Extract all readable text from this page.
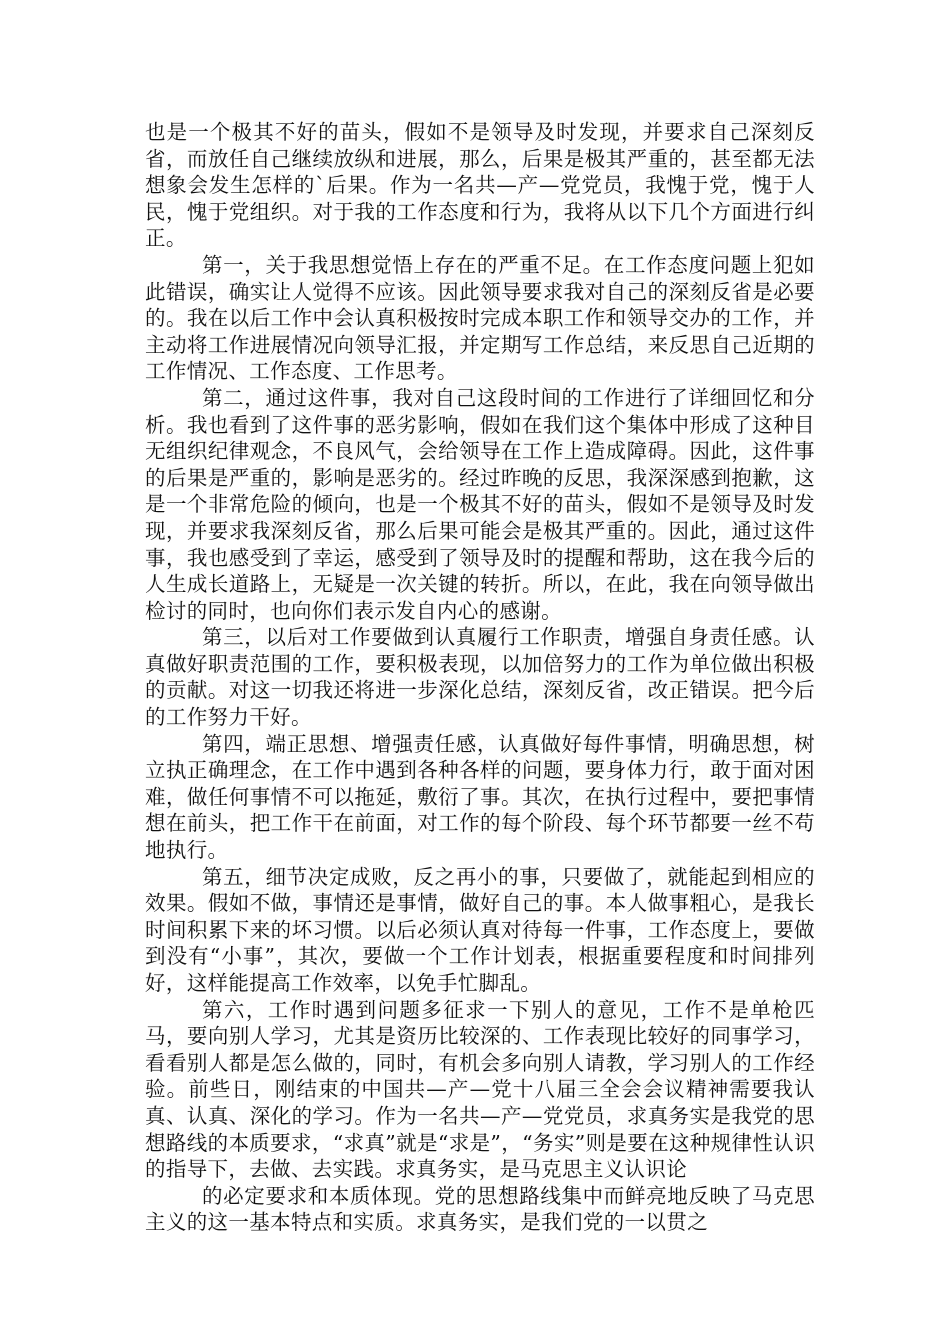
也是一个极其不好的苗头，假如不是领导及时发现，并要求自己深刻反省，而放任自己继续放纵和进展，那么，后果是极其严重的，甚至都无法想象会发生怎样的`后果。作为一名共—产—党党员，我愧于党，愧于人民，愧于党组织。对于我的工作态度和行为，我将从以下几个方面进行纠正。

第一，关于我思想觉悟上存在的严重不足。在工作态度问题上犯如此错误，确实让人觉得不应该。因此领导要求我对自己的深刻反省是必要的。我在以后工作中会认真积极按时完成本职工作和领导交办的工作，并主动将工作进展情况向领导汇报，并定期写工作总结，来反思自己近期的工作情况、工作态度、工作思考。

第二，通过这件事，我对自己这段时间的工作进行了详细回忆和分析。我也看到了这件事的恶劣影响，假如在我们这个集体中形成了这种目无组织纪律观念，不良风气，会给领导在工作上造成障碍。因此，这件事的后果是严重的，影响是恶劣的。经过昨晚的反思，我深深感到抱歉，这是一个非常危险的倾向，也是一个极其不好的苗头，假如不是领导及时发现，并要求我深刻反省，那么后果可能会是极其严重的。因此，通过这件事，我也感受到了幸运，感受到了领导及时的提醒和帮助，这在我今后的人生成长道路上，无疑是一次关键的转折。所以，在此，我在向领导做出检讨的同时，也向你们表示发自内心的感谢。

第三，以后对工作要做到认真履行工作职责，增强自身责任感。认真做好职责范围的工作，要积极表现，以加倍努力的工作为单位做出积极的贡献。对这一切我还将进一步深化总结，深刻反省，改正错误。把今后的工作努力干好。

第四，端正思想、增强责任感，认真做好每件事情，明确思想，树立执正确理念，在工作中遇到各种各样的问题，要身体力行，敢于面对困难，做任何事情不可以拖延，敷衍了事。其次，在执行过程中，要把事情想在前头，把工作干在前面，对工作的每个阶段、每个环节都要一丝不苟地执行。

第五，细节决定成败，反之再小的事，只要做了，就能起到相应的效果。假如不做，事情还是事情，做好自己的事。本人做事粗心，是我长时间积累下来的坏习惯。以后必须认真对待每一件事，工作态度上，要做到没有“小事”，其次，要做一个工作计划表，根据重要程度和时间排列好，这样能提高工作效率，以免手忙脚乱。

第六，工作时遇到问题多征求一下别人的意见，工作不是单枪匹马，要向别人学习，尤其是资历比较深的、工作表现比较好的同事学习，看看别人都是怎么做的，同时，有机会多向别人请教，学习别人的工作经验。前些日，刚结束的中国共—产—党十八届三全会会议精神需要我认真、认真、深化的学习。作为一名共—产—党党员，求真务实是我党的思想路线的本质要求，“求真”就是“求是”，“务实”则是要在这种规律性认识的指导下，去做、去实践。求真务实，是马克思主义认识论

的必定要求和本质体现。党的思想路线集中而鲜亮地反映了马克思主义的这一基本特点和实质。求真务实，是我们党的一以贯之
